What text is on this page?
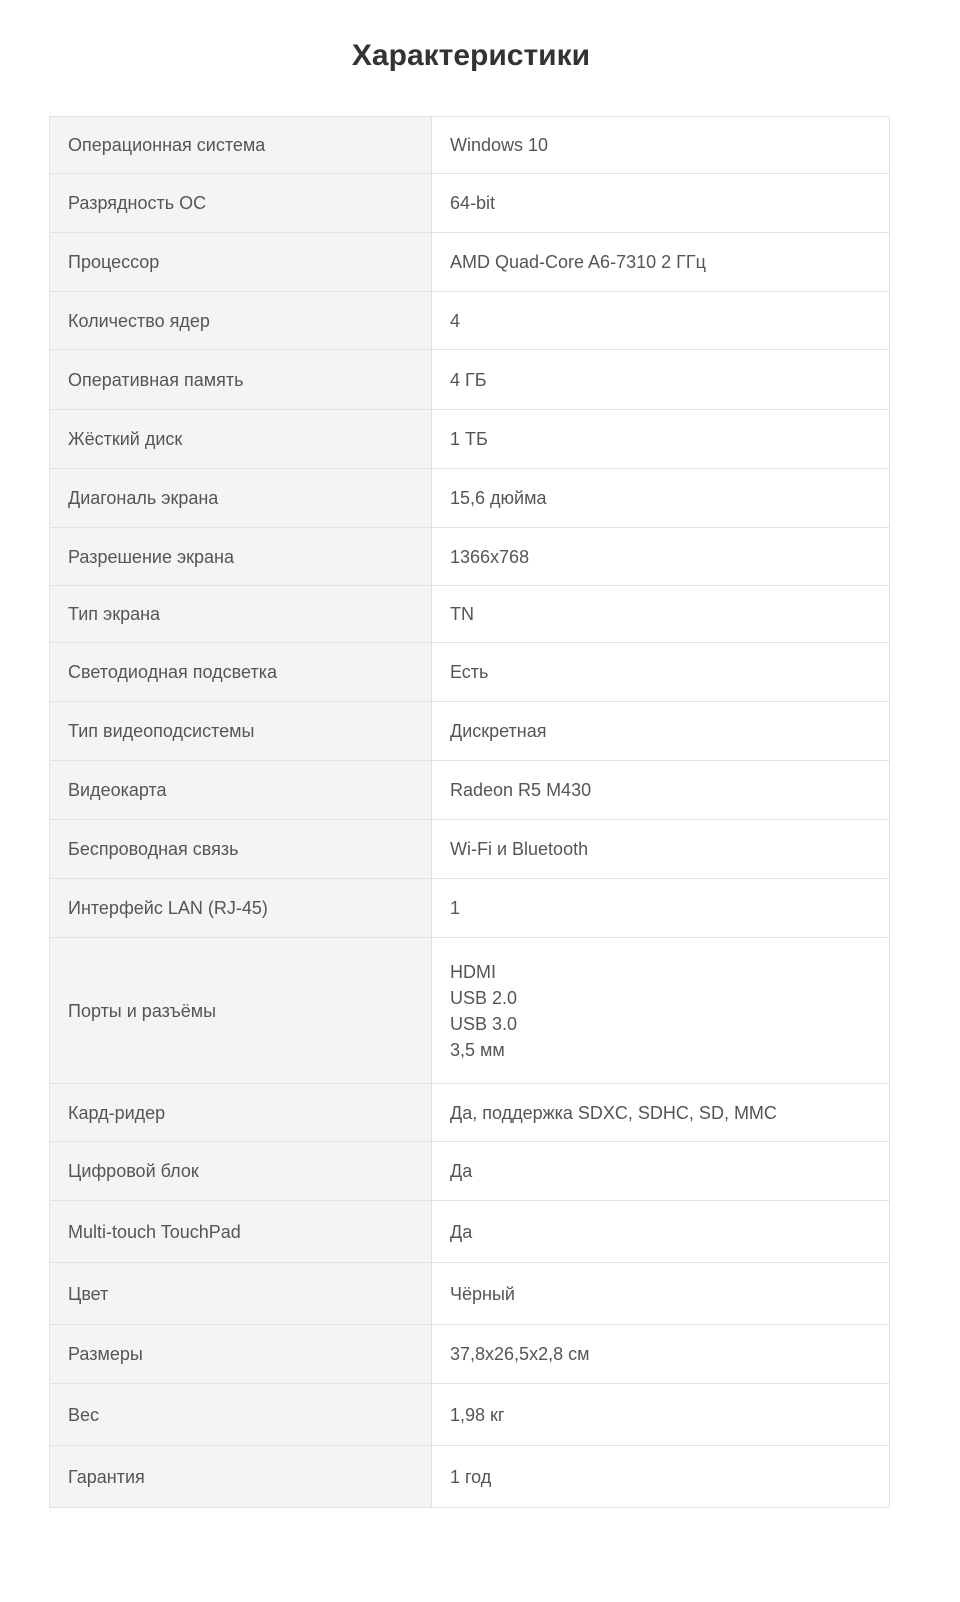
Характеристики
Операционная система	Windows 10
Разрядность ОС	64-bit
Процессор	AMD Quad-Core A6-7310 2 ГГц
Количество ядер	4
Оперативная память	4 ГБ
Жёсткий диск	1 ТБ
Диагональ экрана	15,6 дюйма
Разрешение экрана	1366x768
Тип экрана	TN
Светодиодная подсветка	Есть
Тип видеоподсистемы	Дискретная
Видеокарта	Radeon R5 M430
Беспроводная связь	Wi-Fi и Bluetooth
Интерфейс LAN (RJ-45)	1
Порты и разъёмы	HDMI
USB 2.0
USB 3.0
3,5 мм

Кард-ридер	Да, поддержка SDXC, SDHC, SD, MMC
Цифровой блок	Да
Multi-touch TouchPad	Да
Цвет	Чёрный
Размеры	37,8x26,5x2,8 см
Вес	1,98 кг
Гарантия	1 год
